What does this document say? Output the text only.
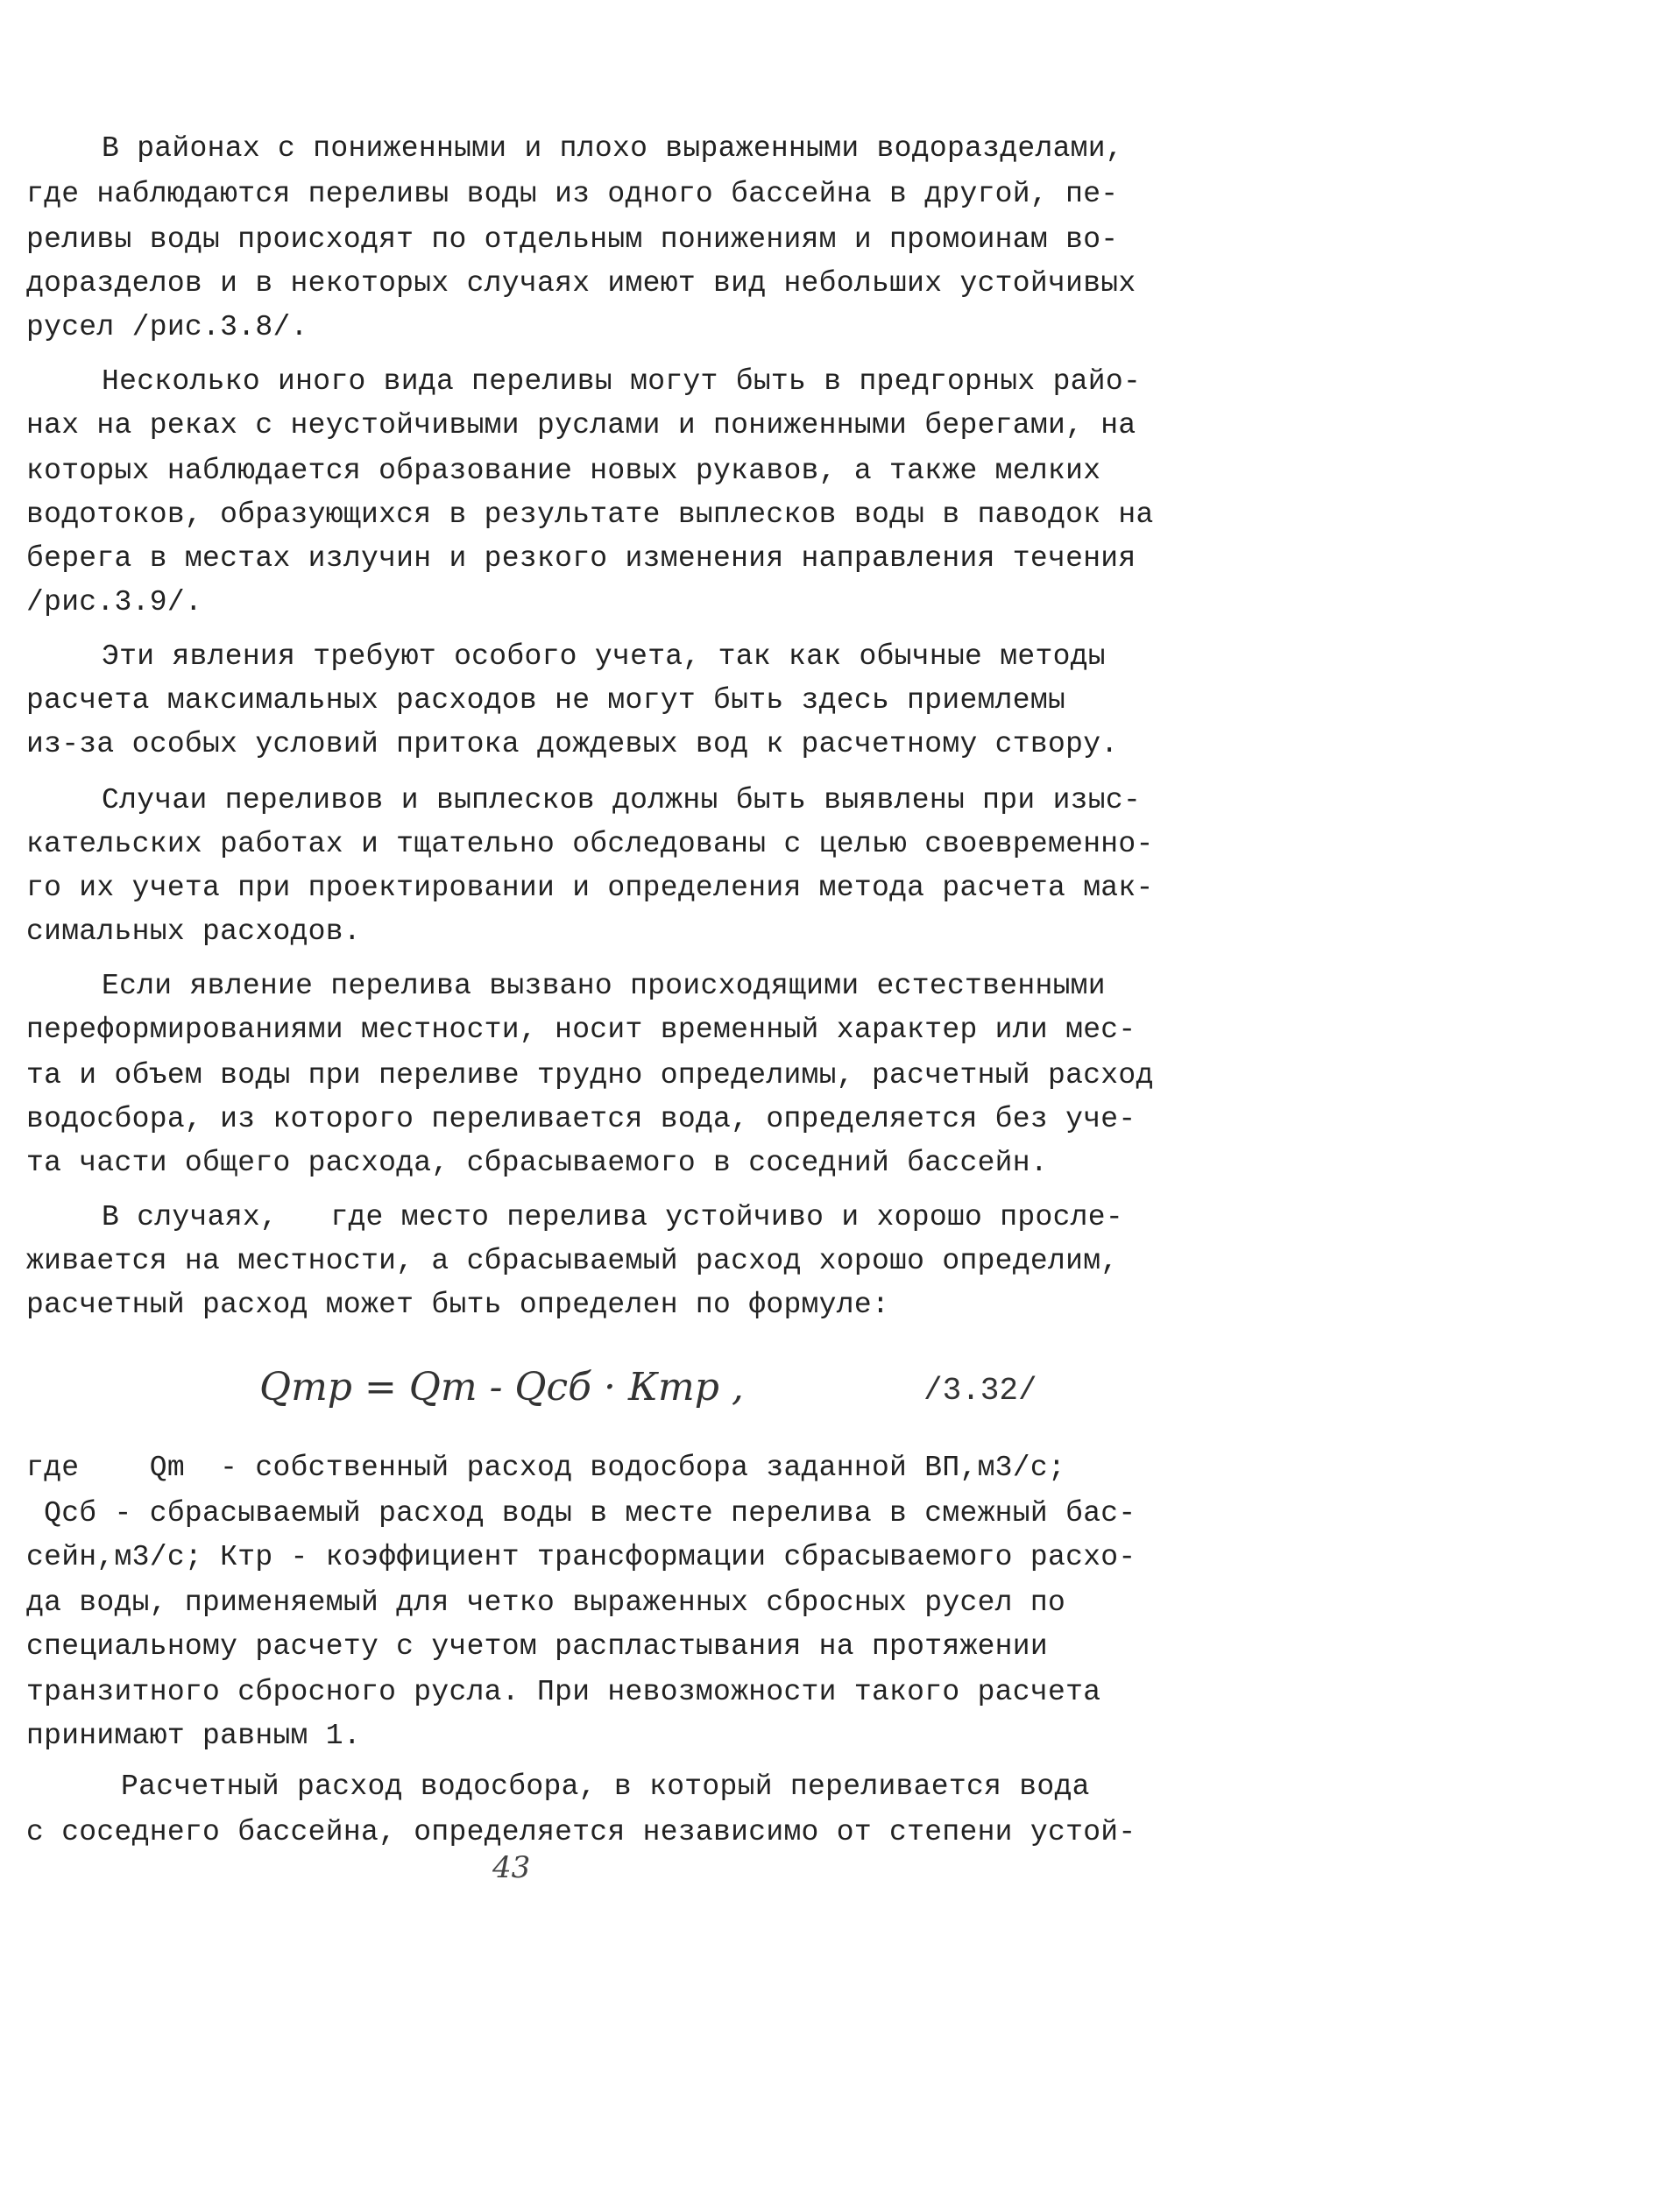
В районах с пониженными и плохо выраженными водоразделами,
где наблюдаются переливы воды из одного бассейна в другой, пе-
реливы воды происходят по отдельным понижениям и промоинам во-
доразделов и в некоторых случаях имеют вид небольших устойчивых
русел /рис.3.8/.
Несколько иного вида переливы могут быть в предгорных райо-
нах на реках с неустойчивыми руслами и пониженными берегами, на
которых наблюдается образование новых рукавов, а также мелких
водотоков, образующихся в результате выплесков воды в паводок на
берега в местах излучин и резкого изменения направления течения
/рис.3.9/.
Эти явления требуют особого учета, так как обычные методы
расчета максимальных расходов не могут быть здесь приемлемы
из-за особых условий притока дождевых вод к расчетному створу.
Случаи переливов и выплесков должны быть выявлены при изыс-
кательских работах и тщательно обследованы с целью своевременно-
го их учета при проектировании и определения метода расчета мак-
симальных расходов.
Если явление перелива вызвано происходящими естественными
переформированиями местности, носит временный характер или мес-
та и объем воды при переливе трудно определимы, расчетный расход
водосбора, из которого переливается вода, определяется без уче-
та части общего расхода, сбрасываемого в соседний бассейн.
В случаях,   где место перелива устойчиво и хорошо просле-
живается на местности, а сбрасываемый расход хорошо определим,
расчетный расход может быть определен по формуле:
Qmp = Qm - Qсб · Ктр ,	/3.32/
где    Qm  - собственный расход водосбора заданной ВП,м3/с;
Qсб - сбрасываемый расход воды в месте перелива в смежный бас-
сейн,м3/с; Ктр - коэффициент трансформации сбрасываемого расхо-
да воды, применяемый для четко выраженных сбросных русел по
специальному расчету с учетом распластывания на протяжении
транзитного сбросного русла. При невозможности такого расчета
принимают равным 1.
Расчетный расход водосбора, в который переливается вода
с соседнего бассейна, определяется независимо от степени устой-
43
